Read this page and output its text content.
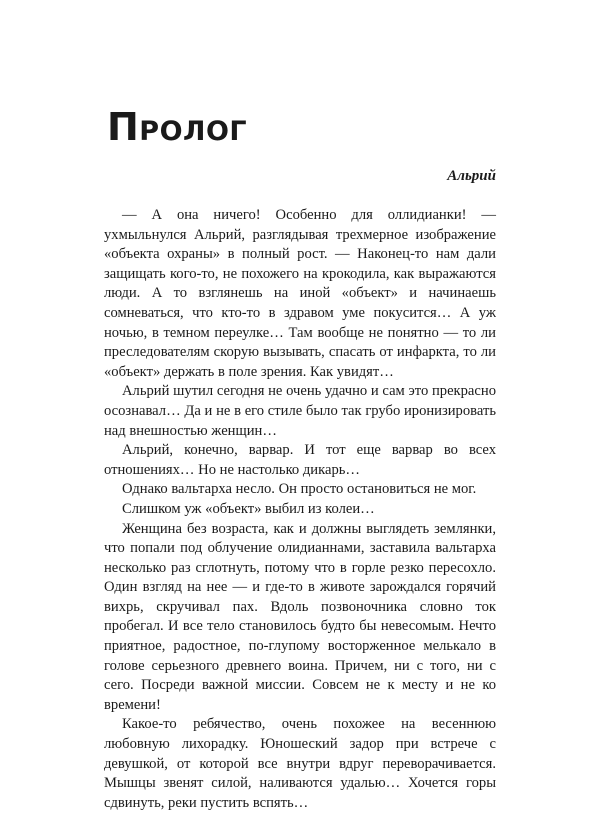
Пролог

Альрий

— А она ничего! Особенно для оллидианки! — ухмыльнулся Альрий, разглядывая трехмерное изображение «объекта охраны» в полный рост. — Наконец-то нам дали защищать кого-то, не похожего на крокодила, как выражаются люди. А то взглянешь на иной «объект» и начинаешь сомневаться, что кто-то в здравом уме покусится… А уж ночью, в темном переулке… Там вообще не понятно — то ли преследователям скорую вызывать, спасать от инфаркта, то ли «объект» держать в поле зрения. Как увидят…

Альрий шутил сегодня не очень удачно и сам это прекрасно осознавал… Да и не в его стиле было так грубо иронизировать над внешностью женщин…

Альрий, конечно, варвар. И тот еще варвар во всех отношениях… Но не настолько дикарь…

Однако вальтарха несло. Он просто остановиться не мог.

Слишком уж «объект» выбил из колеи…

Женщина без возраста, как и должны выглядеть землянки, что попали под облучение олидианнами, заставила вальтарха несколько раз сглотнуть, потому что в горле резко пересохло. Один взгляд на нее — и где-то в животе зарождался горячий вихрь, скручивал пах. Вдоль позвоночника словно ток пробегал. И все тело становилось будто бы невесомым. Нечто приятное, радостное, по-глупому восторженное мелькало в голове серьезного древнего воина. Причем, ни с того, ни с сего. Посреди важной миссии. Совсем не к месту и не ко времени!

Какое-то ребячество, очень похожее на весеннюю любовную лихорадку. Юношеский задор при встрече с девушкой, от которой все внутри вдруг переворачивается. Мышцы звенят силой, наливаются удалью… Хочется горы сдвинуть, реки пустить вспять…
